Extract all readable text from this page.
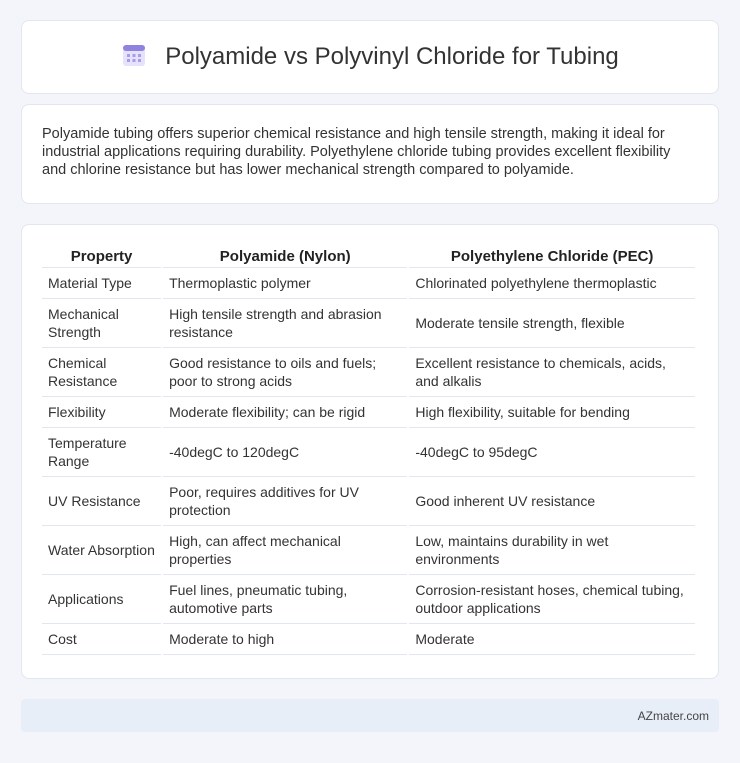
Polyamide vs Polyvinyl Chloride for Tubing

Polyamide tubing offers superior chemical resistance and high tensile strength, making it ideal for industrial applications requiring durability. Polyethylene chloride tubing provides excellent flexibility and chlorine resistance but has lower mechanical strength compared to polyamide.

Property	Polyamide (Nylon)	Polyethylene Chloride (PEC)
Material Type	Thermoplastic polymer	Chlorinated polyethylene thermoplastic
Mechanical Strength	High tensile strength and abrasion resistance	Moderate tensile strength, flexible
Chemical Resistance	Good resistance to oils and fuels; poor to strong acids	Excellent resistance to chemicals, acids, and alkalis
Flexibility	Moderate flexibility; can be rigid	High flexibility, suitable for bending
Temperature Range	-40degC to 120degC	-40degC to 95degC
UV Resistance	Poor, requires additives for UV protection	Good inherent UV resistance
Water Absorption	High, can affect mechanical properties	Low, maintains durability in wet environments
Applications	Fuel lines, pneumatic tubing, automotive parts	Corrosion-resistant hoses, chemical tubing, outdoor applications
Cost	Moderate to high	Moderate
AZmater.com
